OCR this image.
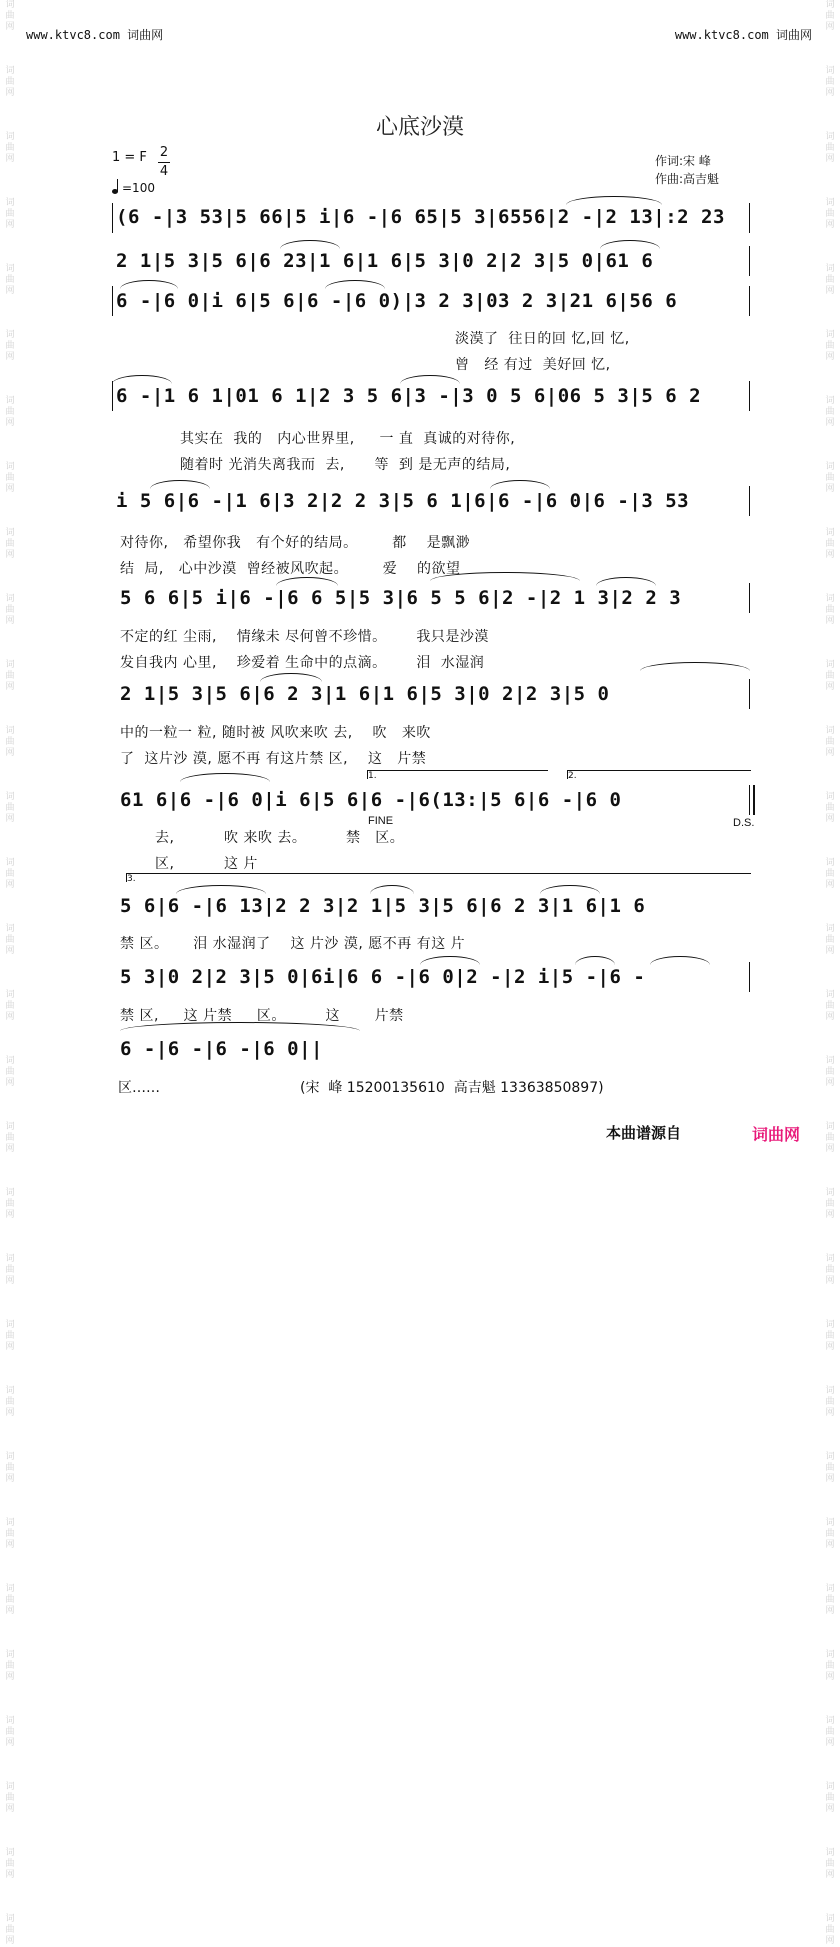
词
曲
网

词
曲
网

词
曲
网

词
曲
网

词
曲
网

词
曲
网

词
曲
网

词
曲
网

词
曲
网

词
曲
网

词
曲
网

词
曲
网

词
曲
网

词
曲
网

词
曲
网

词
曲
网

词
曲
网

词
曲
网

词
曲
网

词
曲
网

词
曲
网

词
曲
网

词
曲
网

词
曲
网

词
曲
网

词
曲
网

词
曲
网

词
曲
网

词
曲
网

词
曲
网

词
曲
网

词
曲
网

词
曲
网

词
曲
网

词
曲
网

词
曲
网

词
曲
网

词
曲
网

词
曲
网

词
曲
网

词
曲
网

词
曲
网

词
曲
网

词
曲
网

词
曲
网

词
曲
网

词
曲
网

词
曲
网

词
曲
网

词
曲
网

词
曲
网

词
曲
网

词
曲
网

词
曲
网

词
曲
网

词
曲
网

词
曲
网

词
曲
网

词
曲
网

词
曲
网

www.ktvc8.com 词曲网	www.ktvc8.com 词曲网
心底沙漠
1 = F $\frac{2}{4}$
=100
作词:宋 峰
作曲:高吉魁
(6 -|3 53|5 66|5 i|6 -|6 65|5 3|6556|2 -|2 13|:2 23
2 1|5 3|5 6|6 23|1 6|1 6|5 3|0 2|2 3|5 0|61 6
6 -|6 0|i 6|5 6|6 -|6 0)|3 2 3|03 2 3|21 6|56 6
淡漠了  往日的回 忆,回 忆,
曾   经 有过  美好回 忆,
6 -|1 6 1|01 6 1|2 3 5 6|3 -|3 0 5 6|06 5 3|5 6 2
其实在  我的   内心世界里,     一 直  真诚的对待你,
随着时 光消失离我而  去,      等  到 是无声的结局,
i 5 6|6 -|1 6|3 2|2 2 3|5 6 1|6|6 -|6 0|6 -|3 53
对待你,   希望你我   有个好的结局。       都    是飘渺
结  局,   心中沙漠  曾经被风吹起。       爱    的欲望
5 6 6|5 i|6 -|6 6 5|5 3|6 5 5 6|2 -|2 1 3|2 2 3
不定的红 尘雨,    情缘未 尽何曾不珍惜。      我只是沙漠
发自我内 心里,    珍爱着 生命中的点滴。      泪  水湿润
2 1|5 3|5 6|6 2 3|1 6|1 6|5 3|0 2|2 3|5 0
中的一粒一 粒, 随时被 风吹来吹 去,    吹   来吹
了  这片沙 漠, 愿不再 有这片禁 区,    这   片禁
1.	2.
61 6|6 -|6 0|i 6|5 6|6 -|6(13:|5 6|6 -|6 0
FINE	D.S.
去,          吹 来吹 去。        禁   区。
区,          这 片
3.
5 6|6 -|6 13|2 2 3|2 1|5 3|5 6|6 2 3|1 6|1 6
禁 区。     泪 水湿润了    这 片沙 漠, 愿不再 有这 片
5 3|0 2|2 3|5 0|6i|6 6 -|6 0|2 -|2 i|5 -|6 -
禁 区,     这 片禁     区。        这       片禁
6 -|6 -|6 -|6 0||
区……	(宋  峰 15200135610  高吉魁 13363850897)
本曲谱源自	词曲网
